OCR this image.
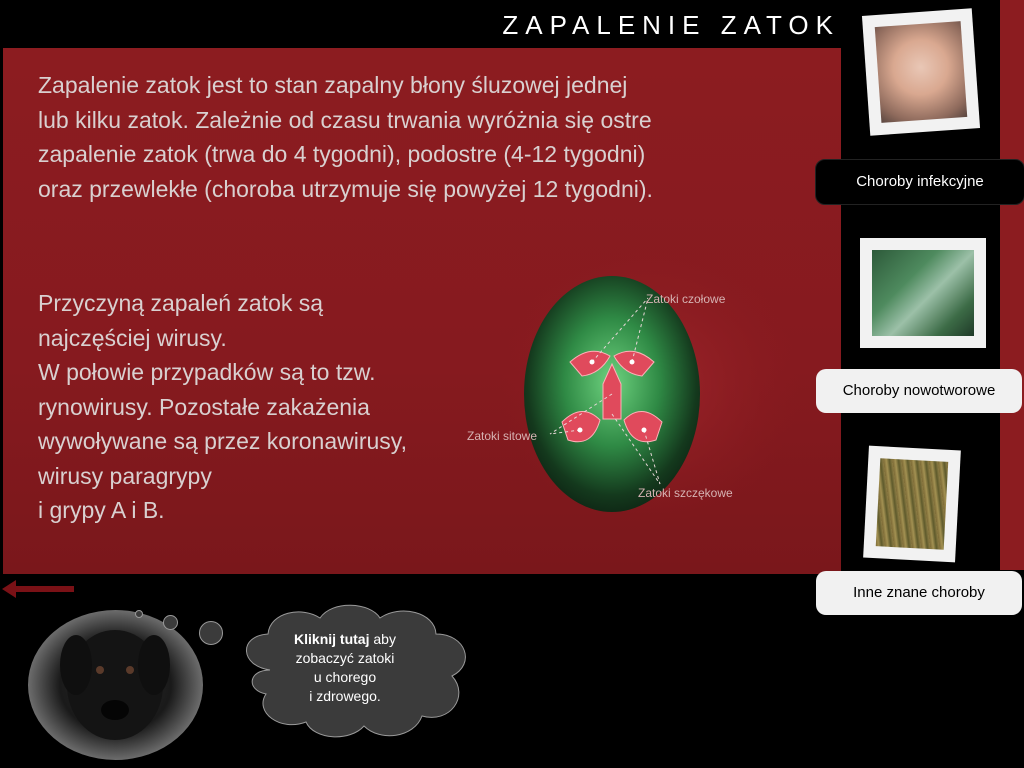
ZAPALENIE ZATOK

Zapalenie zatok jest to stan zapalny błony śluzowej jednej lub kilku zatok. Zależnie od czasu trwania wyróżnia się ostre zapalenie zatok (trwa do 4 tygodni), podostre (4-12 tygodni) oraz przewlekłe (choroba utrzymuje się powyżej 12 tygodni).

Przyczyną zapaleń zatok są najczęściej wirusy.
W połowie przypadków są to tzw. rynowirusy. Pozostałe zakażenia wywoływane są przez koronawirusy, wirusy paragrypy
i grypy A i B.

Zatoki czołowe
Zatoki sitowe
Zatoki szczękowe
Choroby infekcyjne
Choroby nowotworowe
Inne znane choroby
Kliknij tutaj aby zobaczyć zatoki
u chorego
i zdrowego.
